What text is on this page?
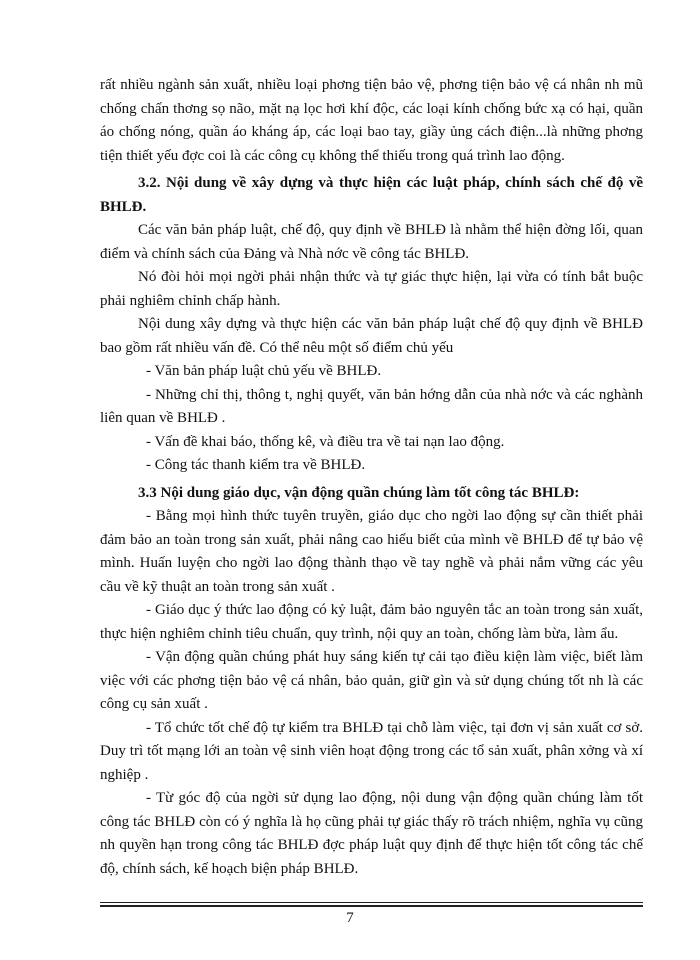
rất nhiều ngành sản xuất, nhiều loại phơng tiện bảo vệ, phơng tiện bảo vệ cá nhân nh mũ chống chấn thơng sọ não, mặt nạ lọc hơi khí độc, các loại kính chống bức xạ có hại, quần áo chống nóng, quần áo kháng áp, các loại bao tay, giầy ủng cách điện...là những phơng tiện thiết yếu đợc coi là các công cụ không thể thiếu trong quá trình lao động.

3.2. Nội dung về xây dựng và thực hiện các luật pháp, chính sách chế độ về BHLĐ.

Các văn bản pháp luật, chế độ, quy định về BHLĐ là nhằm thể hiện đờng lối, quan điểm và chính sách của Đảng và Nhà nớc về công tác BHLĐ.

Nó đòi hỏi mọi ngời phải nhận thức và tự giác thực hiện, lại vừa có tính bắt buộc phải nghiêm chỉnh chấp hành.

Nội dung xây dựng và thực hiện các văn bản pháp luật chế độ quy định về BHLĐ bao gồm rất nhiều vấn đề. Có thể nêu một số điểm chủ yếu

- Văn bản pháp luật chủ yếu về BHLĐ.

- Những chỉ thị, thông t, nghị quyết, văn bản hớng dẫn của nhà nớc và các nghành liên quan về BHLĐ .

- Vấn đề khai báo, thống kê, và điều tra về tai nạn lao động.

- Công tác thanh kiểm tra về BHLĐ.

3.3 Nội dung giáo dục, vận động quần chúng làm tốt công tác BHLĐ:

- Bằng mọi hình thức tuyên truyền, giáo dục cho ngời lao động sự cần thiết phải đảm bảo an toàn trong sản xuất, phải nâng cao hiểu biết của mình về BHLĐ để tự bảo vệ mình. Huấn luyện cho ngời lao động thành thạo về tay nghề và phải nắm vững các yêu cầu về kỹ thuật an toàn trong sản xuất .

- Giáo dục ý thức lao động có kỷ luật, đảm bảo nguyên tắc an toàn trong sản xuất, thực hiện nghiêm chỉnh tiêu chuẩn, quy trình, nội quy an toàn, chống làm bừa, làm ẩu.

- Vận động quần chúng phát huy sáng kiến tự cải tạo điều kiện làm việc, biết làm việc với các phơng tiện bảo vệ cá nhân, bảo quản, giữ gìn và sử dụng chúng tốt nh là các công cụ sản xuất .

- Tổ chức tốt chế độ tự kiểm tra BHLĐ tại chỗ làm việc, tại đơn vị sản xuất cơ sở. Duy trì tốt mạng lới an toàn vệ sinh viên hoạt động trong các tổ sản xuất, phân xởng và xí nghiệp .

- Từ góc độ của ngời sử dụng lao động, nội dung vận động quần chúng làm tốt công tác BHLĐ còn có ý nghĩa là họ cũng phải tự giác thấy rõ trách nhiệm, nghĩa vụ cũng nh quyền hạn trong công tác BHLĐ đợc pháp luật quy định để thực hiện tốt công tác chế độ, chính sách, kế hoạch biện pháp BHLĐ.

7
